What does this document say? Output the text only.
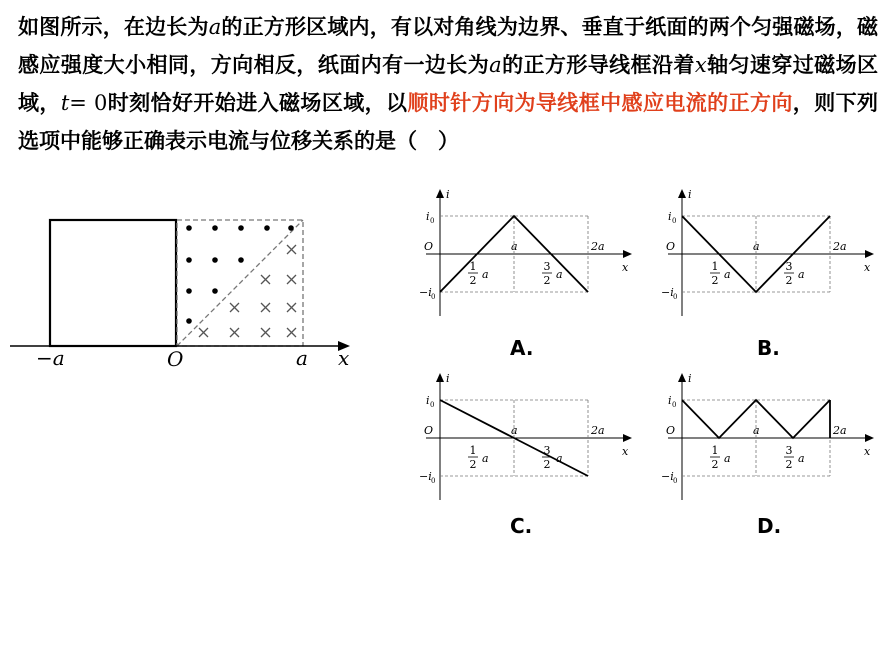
如图所示，在边长为a的正方形区域内，有以对角线为边界、垂直于纸面的两个匀强磁场，磁感应强度大小相同，方向相反，纸面内有一边长为a的正方形导线框沿着x轴匀速穿过磁场区域，t= 0时刻恰好开始进入磁场区域，以顺时针方向为导线框中感应电流的正方向，则下列选项中能够正确表示电流与位移关系的是（　）
x
−a	O	a
i
x
i 0
−i 0
O
1
2 a
a
3
2 a
2a
i
x
i 0
−i 0
O
1
2 a
a
3
2 a
2a
i
x
i 0
−i 0
O
1
2 a
a
3
2 a
2a
i
x
i 0
−i 0
O
1
2 a
a
3
2 a
2a
A.	B.
C.	D.
